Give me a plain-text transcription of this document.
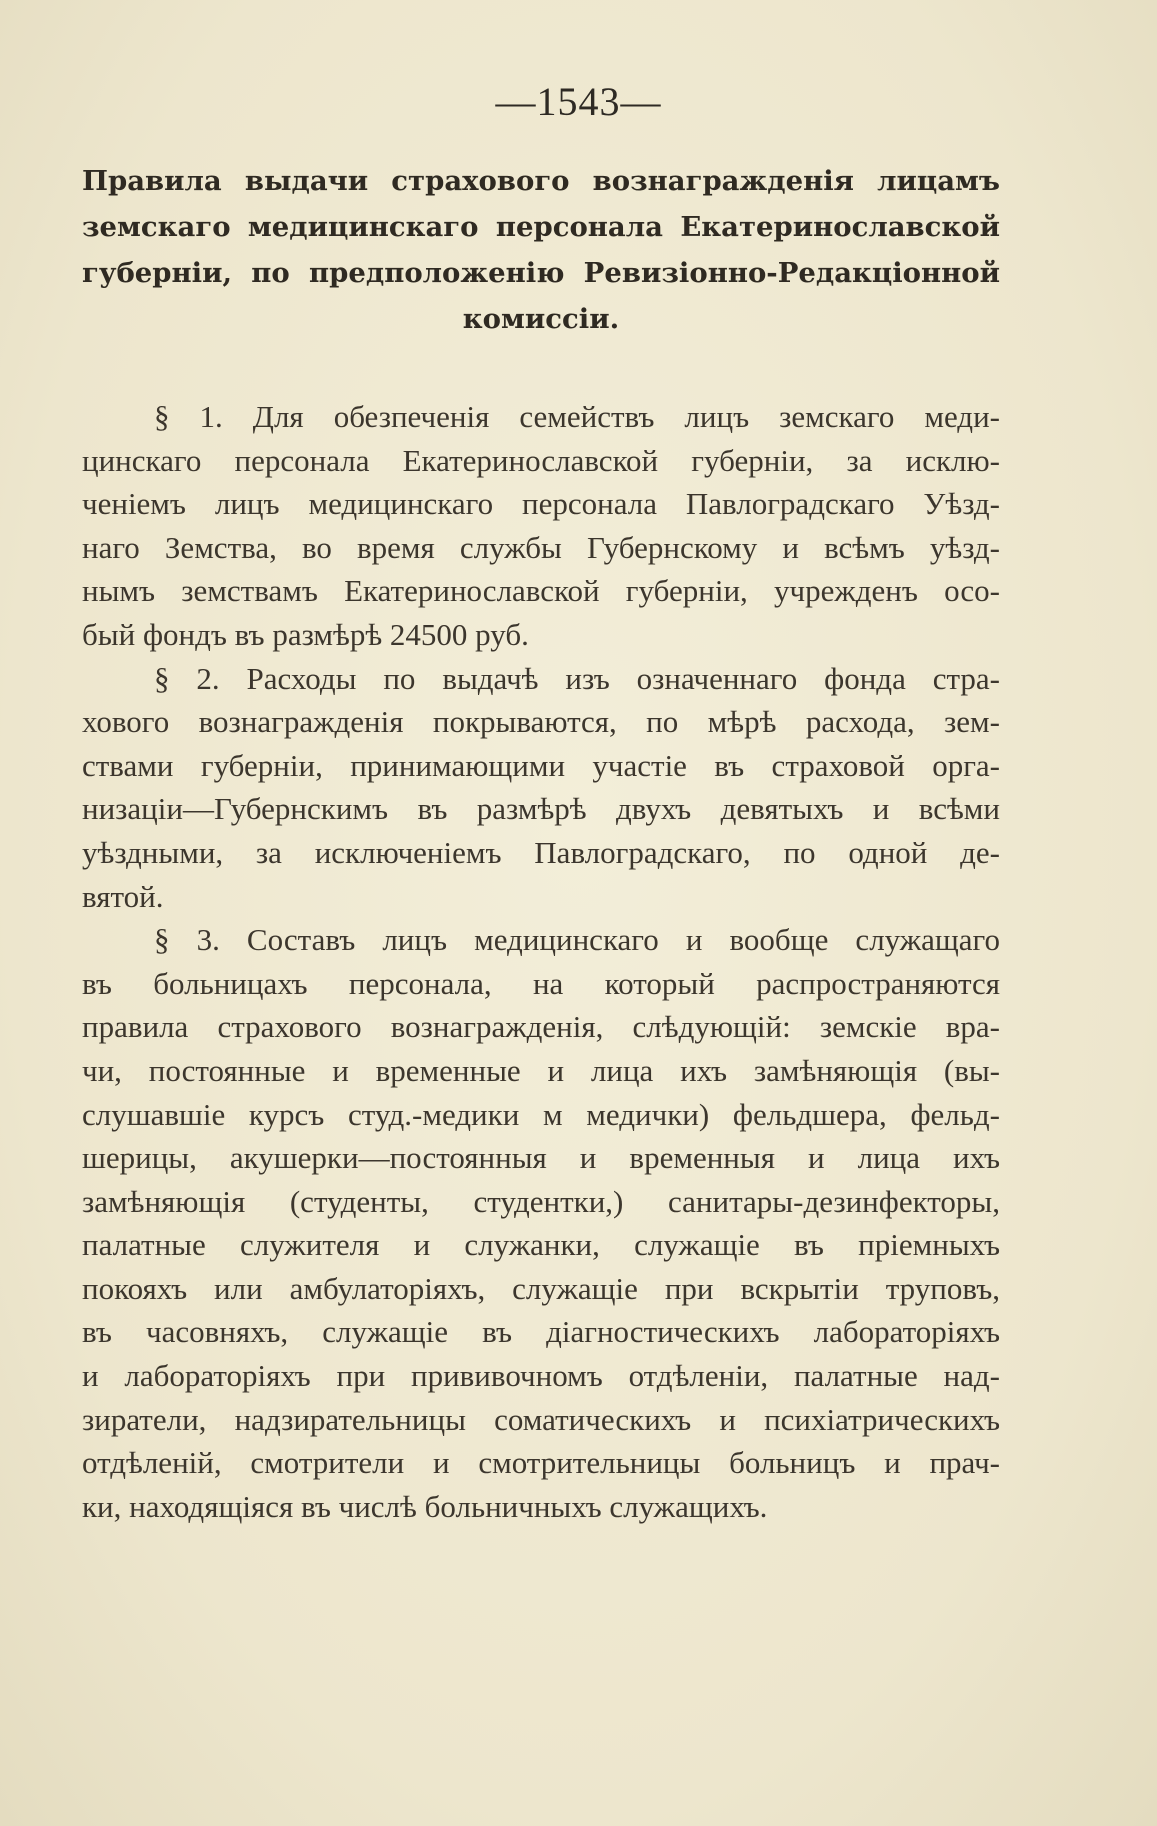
—1543—
Правила выдачи страхового вознагражденія лицамъ
земскаго медицинскаго персонала Екатеринославской
губерніи, по предположенію Ревизіонно-Редакціонной
комиссіи.
§ 1. Для обезпеченія семействъ лицъ земскаго меди-
цинскаго персонала Екатеринославской губерніи, за исклю-
ченіемъ лицъ медицинскаго персонала Павлоградскаго Уѣзд-
наго Земства, во время службы Губернскому и всѣмъ уѣзд-
нымъ земствамъ Екатеринославской губерніи, учрежденъ осо-
бый фондъ въ размѣрѣ 24500 руб.
§ 2. Расходы по выдачѣ изъ означеннаго фонда стра-
хового вознагражденія покрываются, по мѣрѣ расхода, зем-
ствами губерніи, принимающими участіе въ страховой орга-
низаціи—Губернскимъ въ размѣрѣ двухъ девятыхъ и всѣми
уѣздными, за исключеніемъ Павлоградскаго, по одной де-
вятой.
§ 3. Составъ лицъ медицинскаго и вообще служащаго
въ больницахъ персонала, на который распространяются
правила страхового вознагражденія, слѣдующій: земскіе вра-
чи, постоянные и временные и лица ихъ замѣняющія (вы-
слушавшіе курсъ студ.-медики м медички) фельдшера, фельд-
шерицы, акушерки—постоянныя и временныя и лица ихъ
замѣняющія (студенты, студентки,) санитары-дезинфекторы,
палатные служителя и служанки, служащіе въ пріемныхъ
покояхъ или амбулаторіяхъ, служащіе при вскрытіи труповъ,
въ часовняхъ, служащіе въ діагностическихъ лабораторіяхъ
и лабораторіяхъ при прививочномъ отдѣленіи, палатные над-
зиратели, надзирательницы соматическихъ и психіатрическихъ
отдѣленій, смотрители и смотрительницы больницъ и прач-
ки, находящіяся въ числѣ больничныхъ служащихъ.
